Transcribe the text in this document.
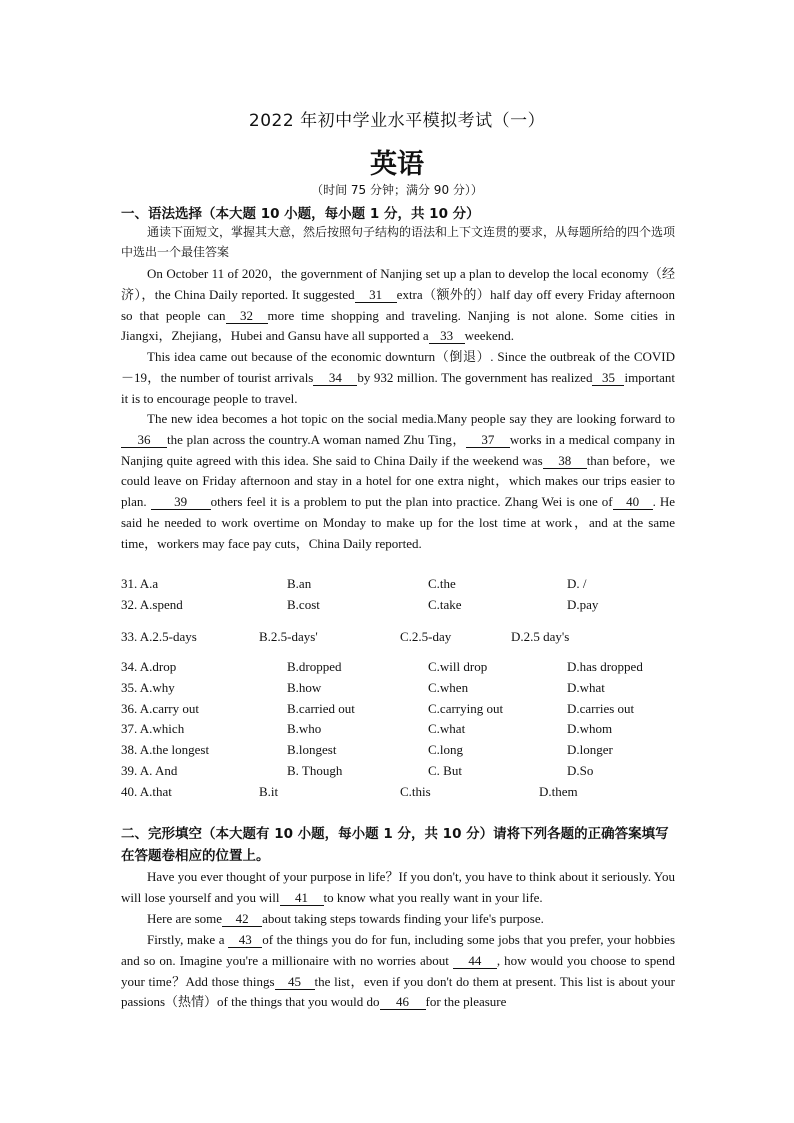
2022 年初中学业水平模拟考试（一）
英语
（时间 75 分钟；满分 90 分））
一、语法选择（本大题 10 小题，每小题 1 分，共 10 分）
通读下面短文，掌握其大意，然后按照句子结构的语法和上下文连贯的要求，从每题所给的四个选项中选出一个最佳答案
On October 11 of 2020，the government of Nanjing set up a plan to develop the local economy（经济），the China Daily reported. It suggested 31 extra（额外的）half day off every Friday afternoon so that people can 32 more time shopping and traveling. Nanjing is not alone. Some cities in Jiangxi，Zhejiang，Hubei and Gansu have all supported a 33 weekend.
This idea came out because of the economic downturn（倒退）. Since the outbreak of the COVID－19，the number of tourist arrivals 34 by 932 million. The government has realized 35 important it is to encourage people to travel.
The new idea becomes a hot topic on the social media.Many people say they are looking forward to36 the plan across the country.A woman named Zhu Ting， 37 works in a medical company in Nanjing quite agreed with this idea. She said to China Daily if the weekend was 38 than before，we could leave on Friday afternoon and stay in a hotel for one extra night，which makes our trips easier to plan. 39 others feel it is a problem to put the plan into practice. Zhang Wei is one of 40 . He said he needed to work overtime on Monday to make up for the lost time at work，and at the same time，workers may face pay cuts，China Daily reported.
31. A.a	B.an	C.the	D. /
32. A.spend	B.cost	C.take	D.pay
33. A.2.5-days	B.2.5-days'	C.2.5-day	D.2.5 day's
34. A.drop	B.dropped	C.will drop	D.has dropped
35. A.why	B.how	C.when	D.what
36. A.carry out	B.carried out	C.carrying out	D.carries out
37. A.which	B.who	C.what	D.whom
38. A.the longest	B.longest	C.long	D.longer
39. A. And	B. Though	C. But	D.So
40. A.that	B.it	C.this	D.them
二、完形填空（本大题有 10 小题，每小题 1 分，共 10 分）请将下列各题的正确答案填写在答题卷相应的位置上。
Have you ever thought of your purpose in life？If you don't, you have to think about it seriously. You will lose yourself and you will 41 to know what you really want in your life.
Here are some 42 about taking steps towards finding your life's purpose.
Firstly, make a 43 of the things you do for fun, including some jobs that you prefer, your hobbies and so on. Imagine you're a millionaire with no worries about 44 , how would you choose to spend your time？Add those things 45 the list，even if you don't do them at present. This list is about your passions（热情）of the things that you would do 46 for the pleasure
